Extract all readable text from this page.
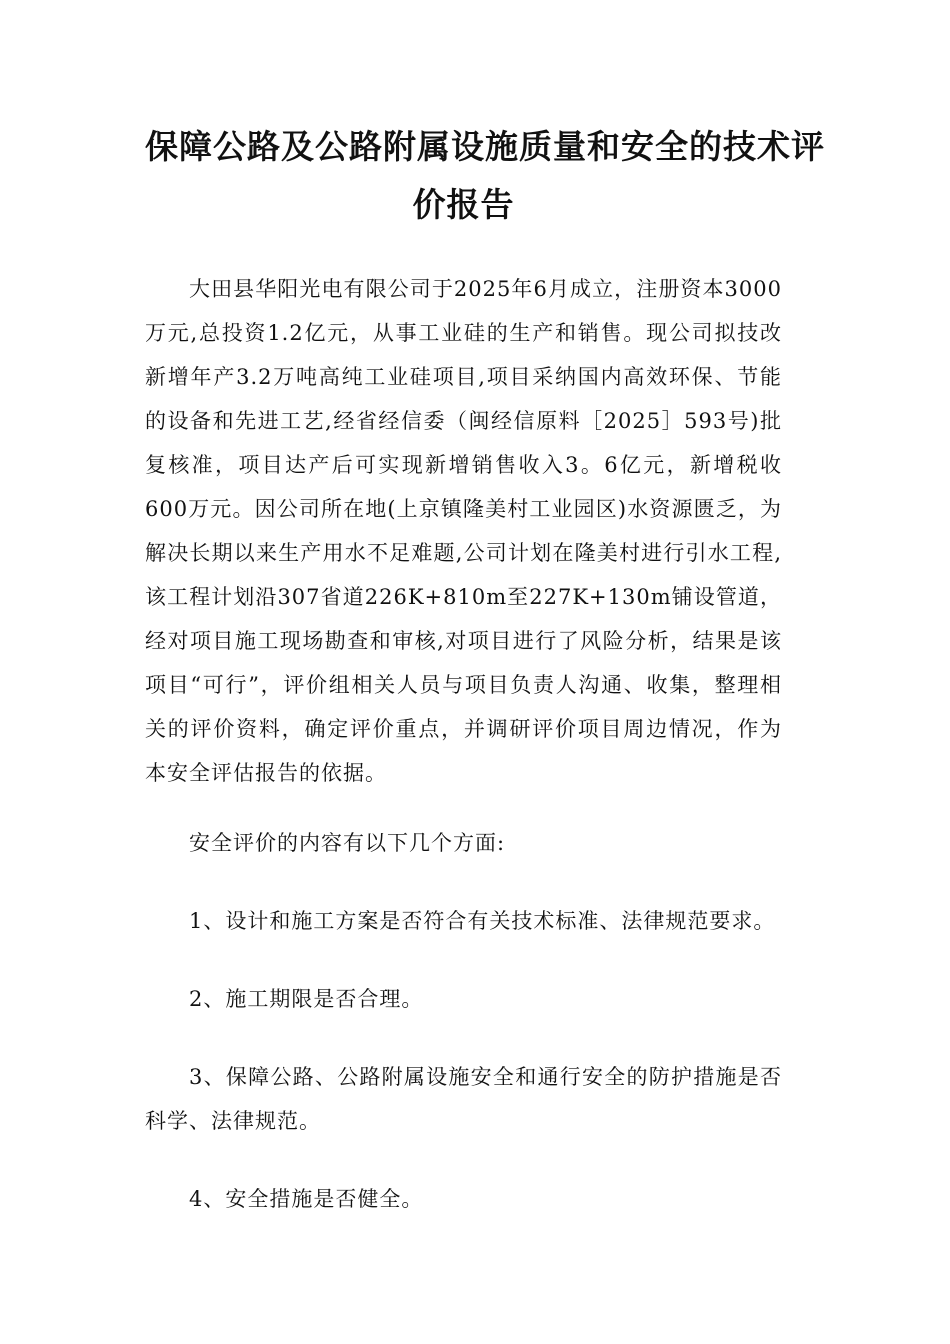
保障公路及公路附属设施质量和安全的技术评
价报告

大田县华阳光电有限公司于2025年6月成立，注册资本3000万元,总投资1.2亿元，从事工业硅的生产和销售。现公司拟技改新增年产3.2万吨高纯工业硅项目,项目采纳国内高效环保、节能的设备和先进工艺,经省经信委（闽经信原料［2025］593号)批复核准，项目达产后可实现新增销售收入3。6亿元，新增税收600万元。因公司所在地(上京镇隆美村工业园区)水资源匮乏，为解决长期以来生产用水不足难题,公司计划在隆美村进行引水工程,该工程计划沿307省道226K+810m至227K+130m铺设管道，经对项目施工现场勘查和审核,对项目进行了风险分析，结果是该项目“可行”，评价组相关人员与项目负责人沟通、收集，整理相关的评价资料，确定评价重点，并调研评价项目周边情况，作为本安全评估报告的依据。

安全评价的内容有以下几个方面:

1、设计和施工方案是否符合有关技术标准、法律规范要求。

2、施工期限是否合理。

3、保障公路、公路附属设施安全和通行安全的防护措施是否科学、法律规范。

4、安全措施是否健全。
